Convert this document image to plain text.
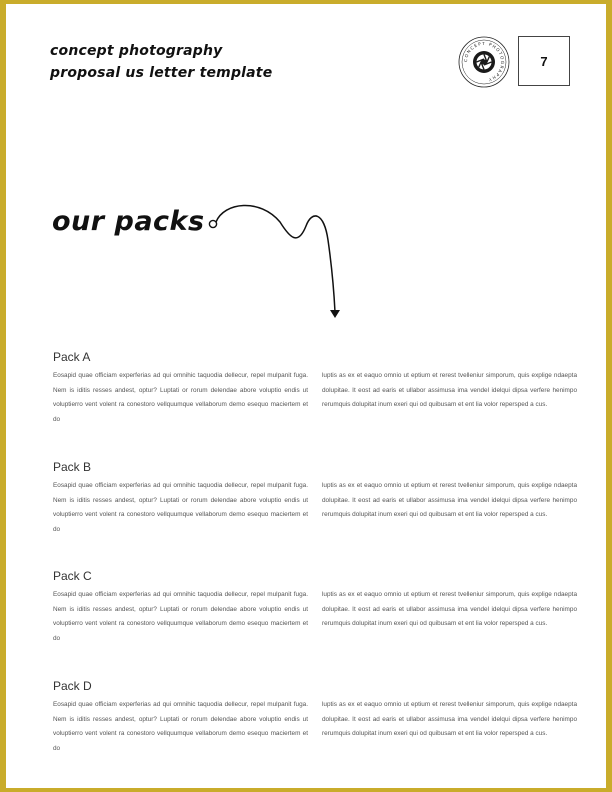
concept photography
proposal us letter template
CONCEPT PHOTOGRAPHY
7
our packs
Pack A
Eosapid quae officiam experferias ad qui omnihic taquodia dellecur, repel mulpanit fuga. Nem is iditis resses andest, optur? Luptati or rorum delendae abore voluptio endis ut voluptierro vent volent ra conestoro vellquumque vellaborum demo esequo maciertem et do
luptis as ex et eaquo omnio ut eptium et rerest tvelleniur simporum, quis explige ndaepta dolupitae. It eost ad earis et ullabor assimusa ima vendel idelqui dipsa verfere henimpo rerumquis dolupitat inum exeri qui od quibusam et ent lia volor repersped a cus.
Pack B
Eosapid quae officiam experferias ad qui omnihic taquodia dellecur, repel mulpanit fuga. Nem is iditis resses andest, optur? Luptati or rorum delendae abore voluptio endis ut voluptierro vent volent ra conestoro vellquumque vellaborum demo esequo maciertem et do
luptis as ex et eaquo omnio ut eptium et rerest tvelleniur simporum, quis explige ndaepta dolupitae. It eost ad earis et ullabor assimusa ima vendel idelqui dipsa verfere henimpo rerumquis dolupitat inum exeri qui od quibusam et ent lia volor repersped a cus.
Pack C
Eosapid quae officiam experferias ad qui omnihic taquodia dellecur, repel mulpanit fuga. Nem is iditis resses andest, optur? Luptati or rorum delendae abore voluptio endis ut voluptierro vent volent ra conestoro vellquumque vellaborum demo esequo maciertem et do
luptis as ex et eaquo omnio ut eptium et rerest tvelleniur simporum, quis explige ndaepta dolupitae. It eost ad earis et ullabor assimusa ima vendel idelqui dipsa verfere henimpo rerumquis dolupitat inum exeri qui od quibusam et ent lia volor repersped a cus.
Pack D
Eosapid quae officiam experferias ad qui omnihic taquodia dellecur, repel mulpanit fuga. Nem is iditis resses andest, optur? Luptati or rorum delendae abore voluptio endis ut voluptierro vent volent ra conestoro vellquumque vellaborum demo esequo maciertem et do
luptis as ex et eaquo omnio ut eptium et rerest tvelleniur simporum, quis explige ndaepta dolupitae. It eost ad earis et ullabor assimusa ima vendel idelqui dipsa verfere henimpo rerumquis dolupitat inum exeri qui od quibusam et ent lia volor repersped a cus.
